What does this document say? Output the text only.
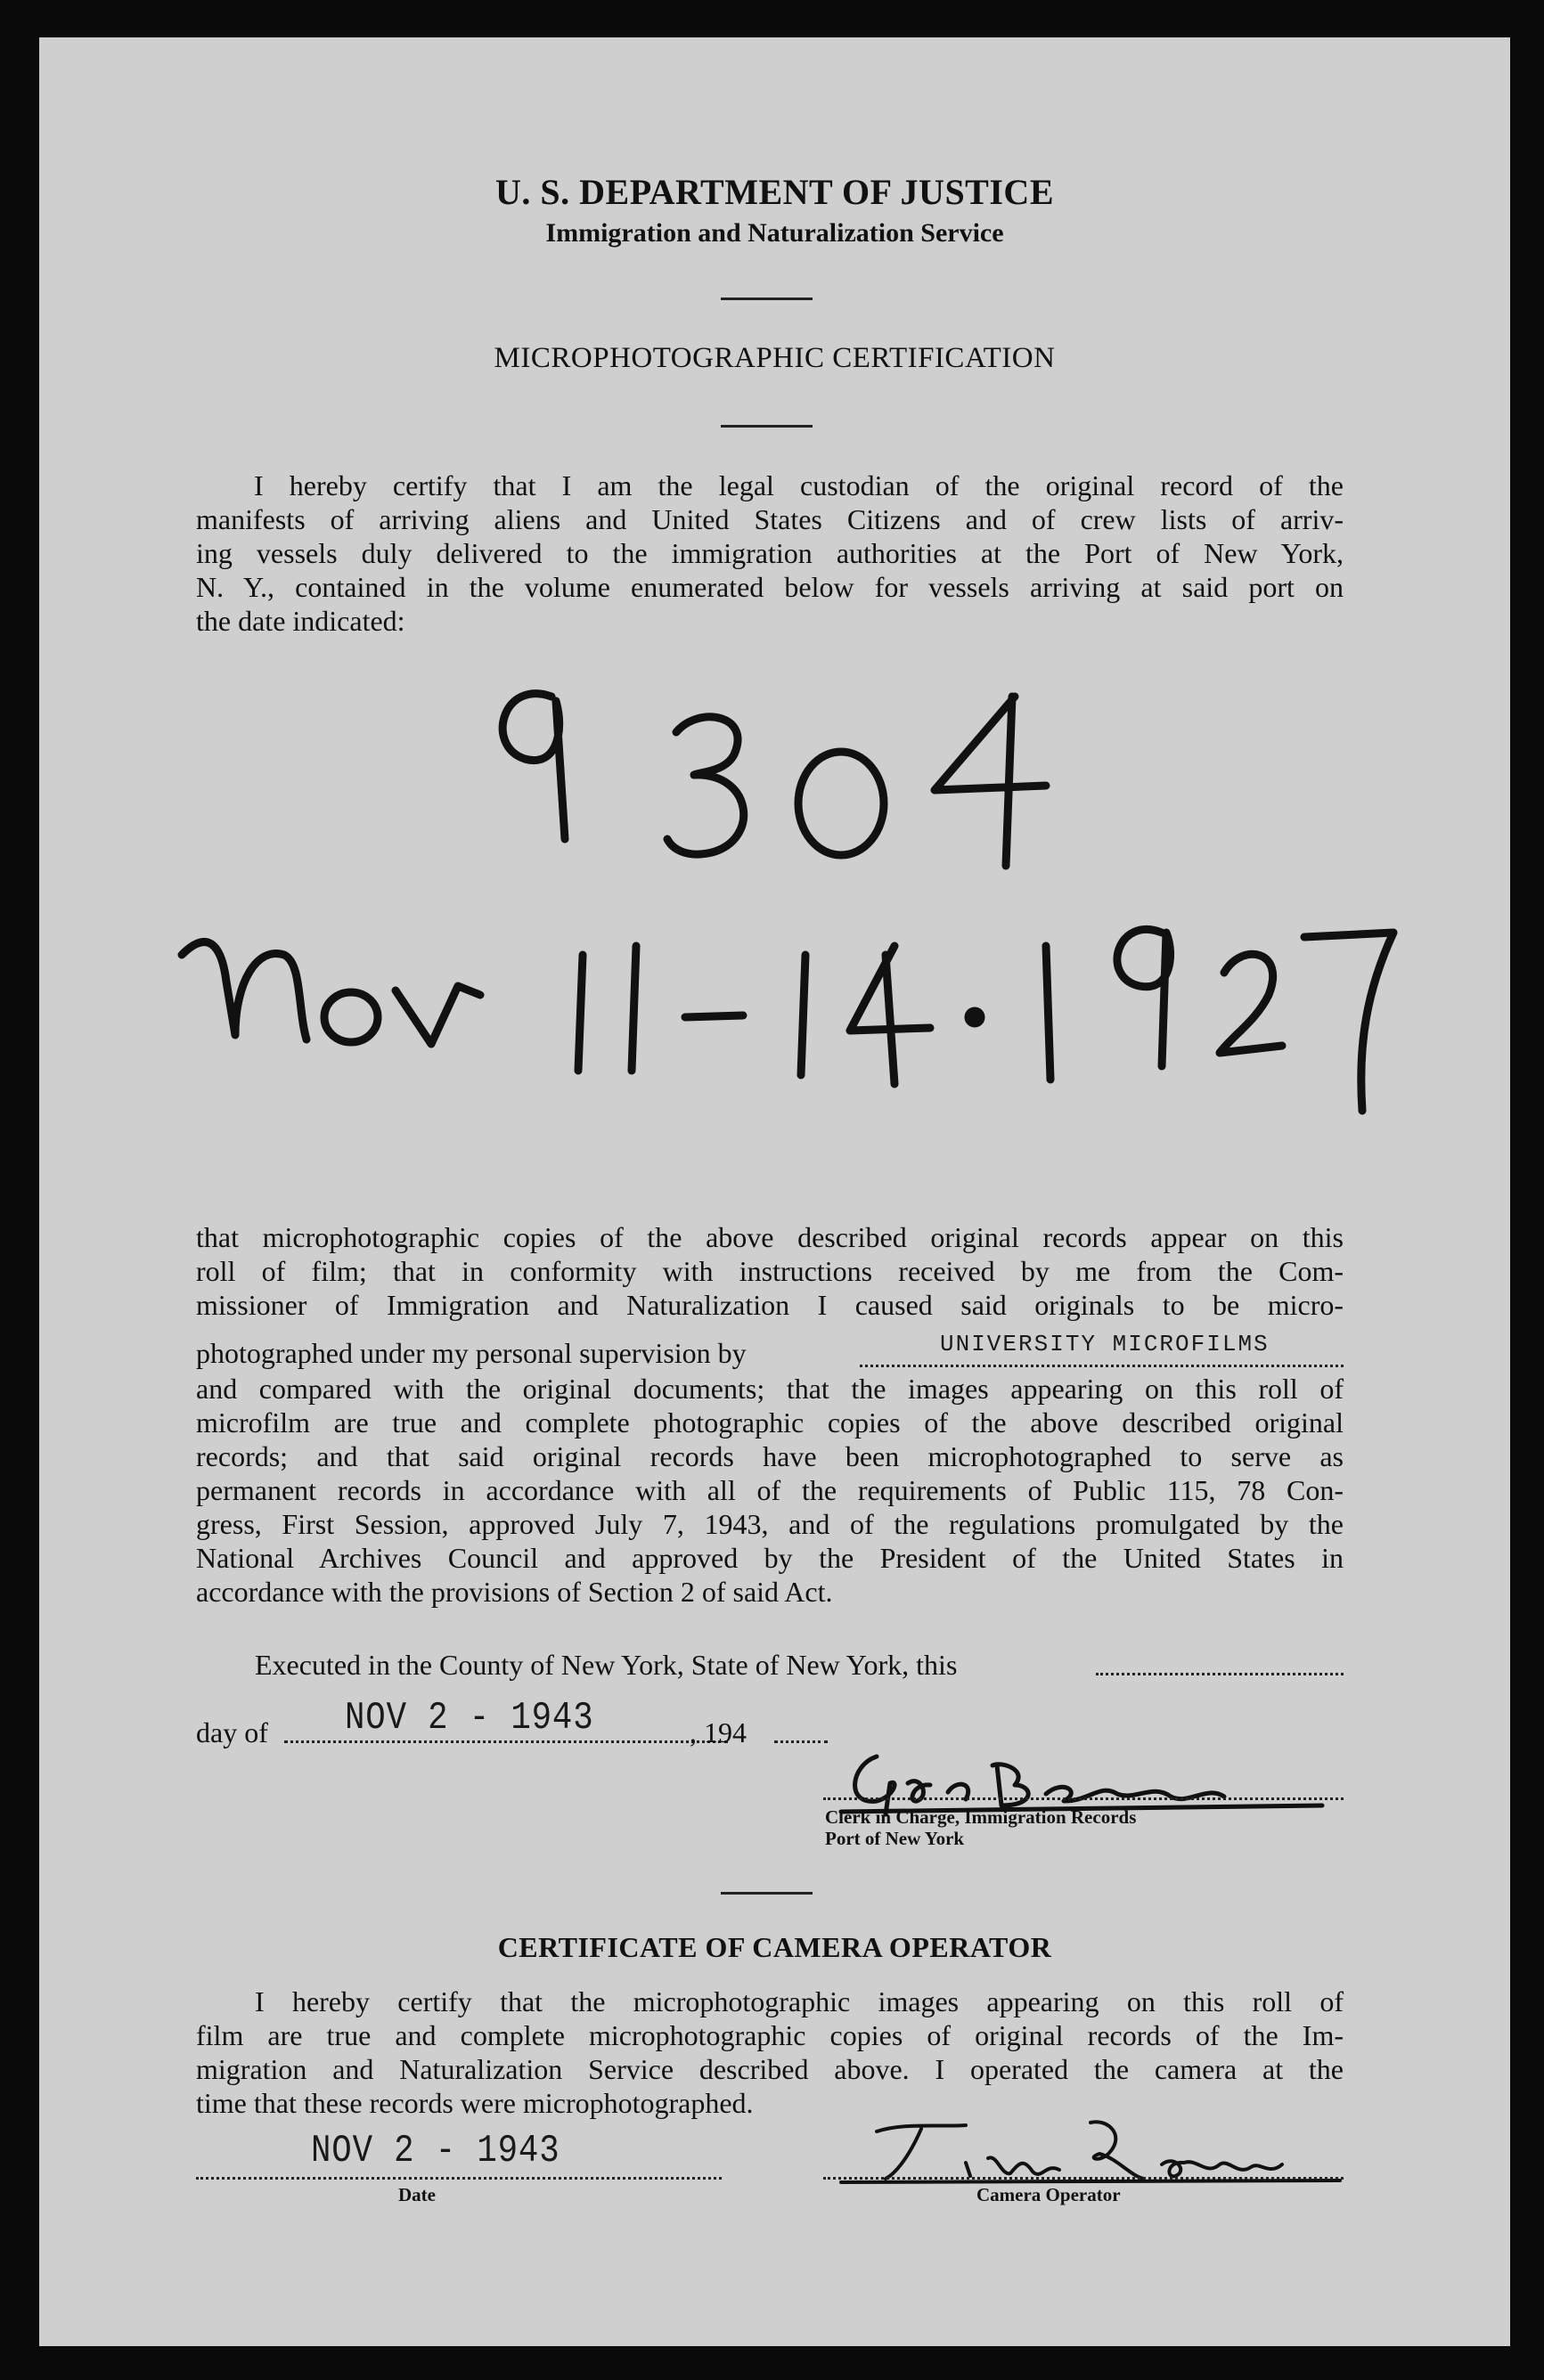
U. S. DEPARTMENT OF JUSTICE
Immigration and Naturalization Service
MICROPHOTOGRAPHIC CERTIFICATION
I hereby certify that I am the legal custodian of the original record of the
manifests of arriving aliens and United States Citizens and of crew lists of arriv-
ing vessels duly delivered to the immigration authorities at the Port of New York,
N. Y., contained in the volume enumerated below for vessels arriving at said port on
the date indicated:
that microphotographic copies of the above described original records appear on this
roll of film; that in conformity with instructions received by me from the Com-
missioner of Immigration and Naturalization I caused said originals to be micro-
photographed under my personal supervision by	UNIVERSITY MICROFILMS
and compared with the original documents; that the images appearing on this roll of
microfilm are true and complete photographic copies of the above described original
records; and that said original records have been microphotographed to serve as
permanent records in accordance with all of the requirements of Public 115, 78 Con-
gress, First Session, approved July 7, 1943, and of the regulations promulgated by the
National Archives Council and approved by the President of the United States in
accordance with the provisions of Section 2 of said Act.
Executed in the County of New York, State of New York, this
day of NOV 2 - 1943	, 194
Clerk in Charge, Immigration Records
Port of New York
CERTIFICATE OF CAMERA OPERATOR
I hereby certify that the microphotographic images appearing on this roll of
film are true and complete microphotographic copies of original records of the Im-
migration and Naturalization Service described above. I operated the camera at the
time that these records were microphotographed.
NOV 2 - 1943
Date	Camera Operator
